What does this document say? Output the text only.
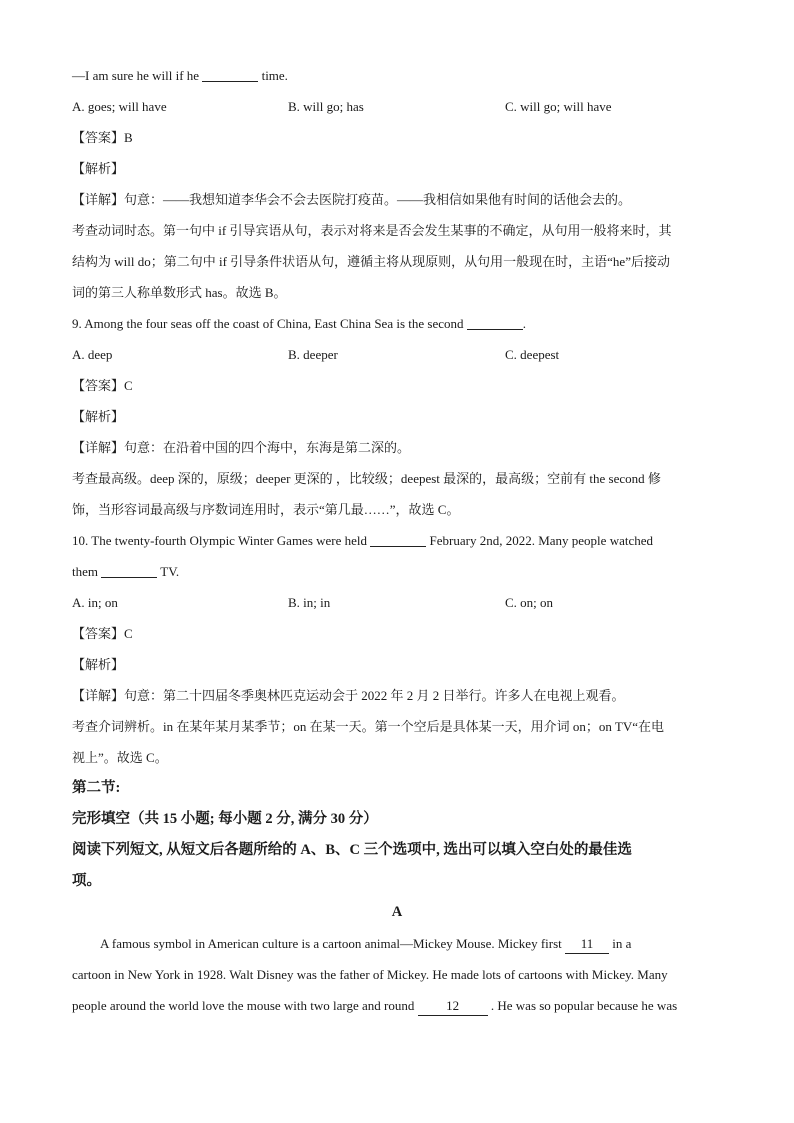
—I am sure he will if he	time.
A. goes; will have	B. will go; has	C. will go; will have
【答案】B
【解析】
【详解】句意：——我想知道李华会不会去医院打疫苗。——我相信如果他有时间的话他会去的。
考查动词时态。第一句中 if 引导宾语从句，表示对将来是否会发生某事的不确定，从句用一般将来时，其
结构为 will do；第二句中 if 引导条件状语从句，遵循主将从现原则，从句用一般现在时，主语“he”后接动
词的第三人称单数形式 has。故选 B。
9. Among the four seas off the coast of China, East China Sea is the second	.
A. deep	B. deeper	C. deepest
【答案】C
【解析】
【详解】句意：在沿着中国的四个海中，东海是第二深的。
考查最高级。deep 深的，原级；deeper 更深的 ，比较级；deepest 最深的，最高级；空前有 the second 修
饰，当形容词最高级与序数词连用时，表示“第几最……”，故选 C。
10. The twenty-fourth Olympic Winter Games were held	February 2nd, 2022. Many people watched
them	TV.
A. in; on	B. in; in	C. on; on
【答案】C
【解析】
【详解】句意：第二十四届冬季奥林匹克运动会于 2022 年 2 月 2 日举行。许多人在电视上观看。
考查介词辨析。in 在某年某月某季节；on 在某一天。第一个空后是具体某一天，用介词 on；on TV“在电
视上”。故选 C。
第二节:
完形填空（共 15 小题; 每小题 2 分, 满分 30 分）
阅读下列短文, 从短文后各题所给的 A、B、C 三个选项中, 选出可以填入空白处的最佳选
项。
A
A famous symbol in American culture is a cartoon animal—Mickey Mouse. Mickey first 11 in a
cartoon in New York in 1928. Walt Disney was the father of Mickey. He made lots of cartoons with Mickey. Many
people around the world love the mouse with two large and round 12 . He was so popular because he was
